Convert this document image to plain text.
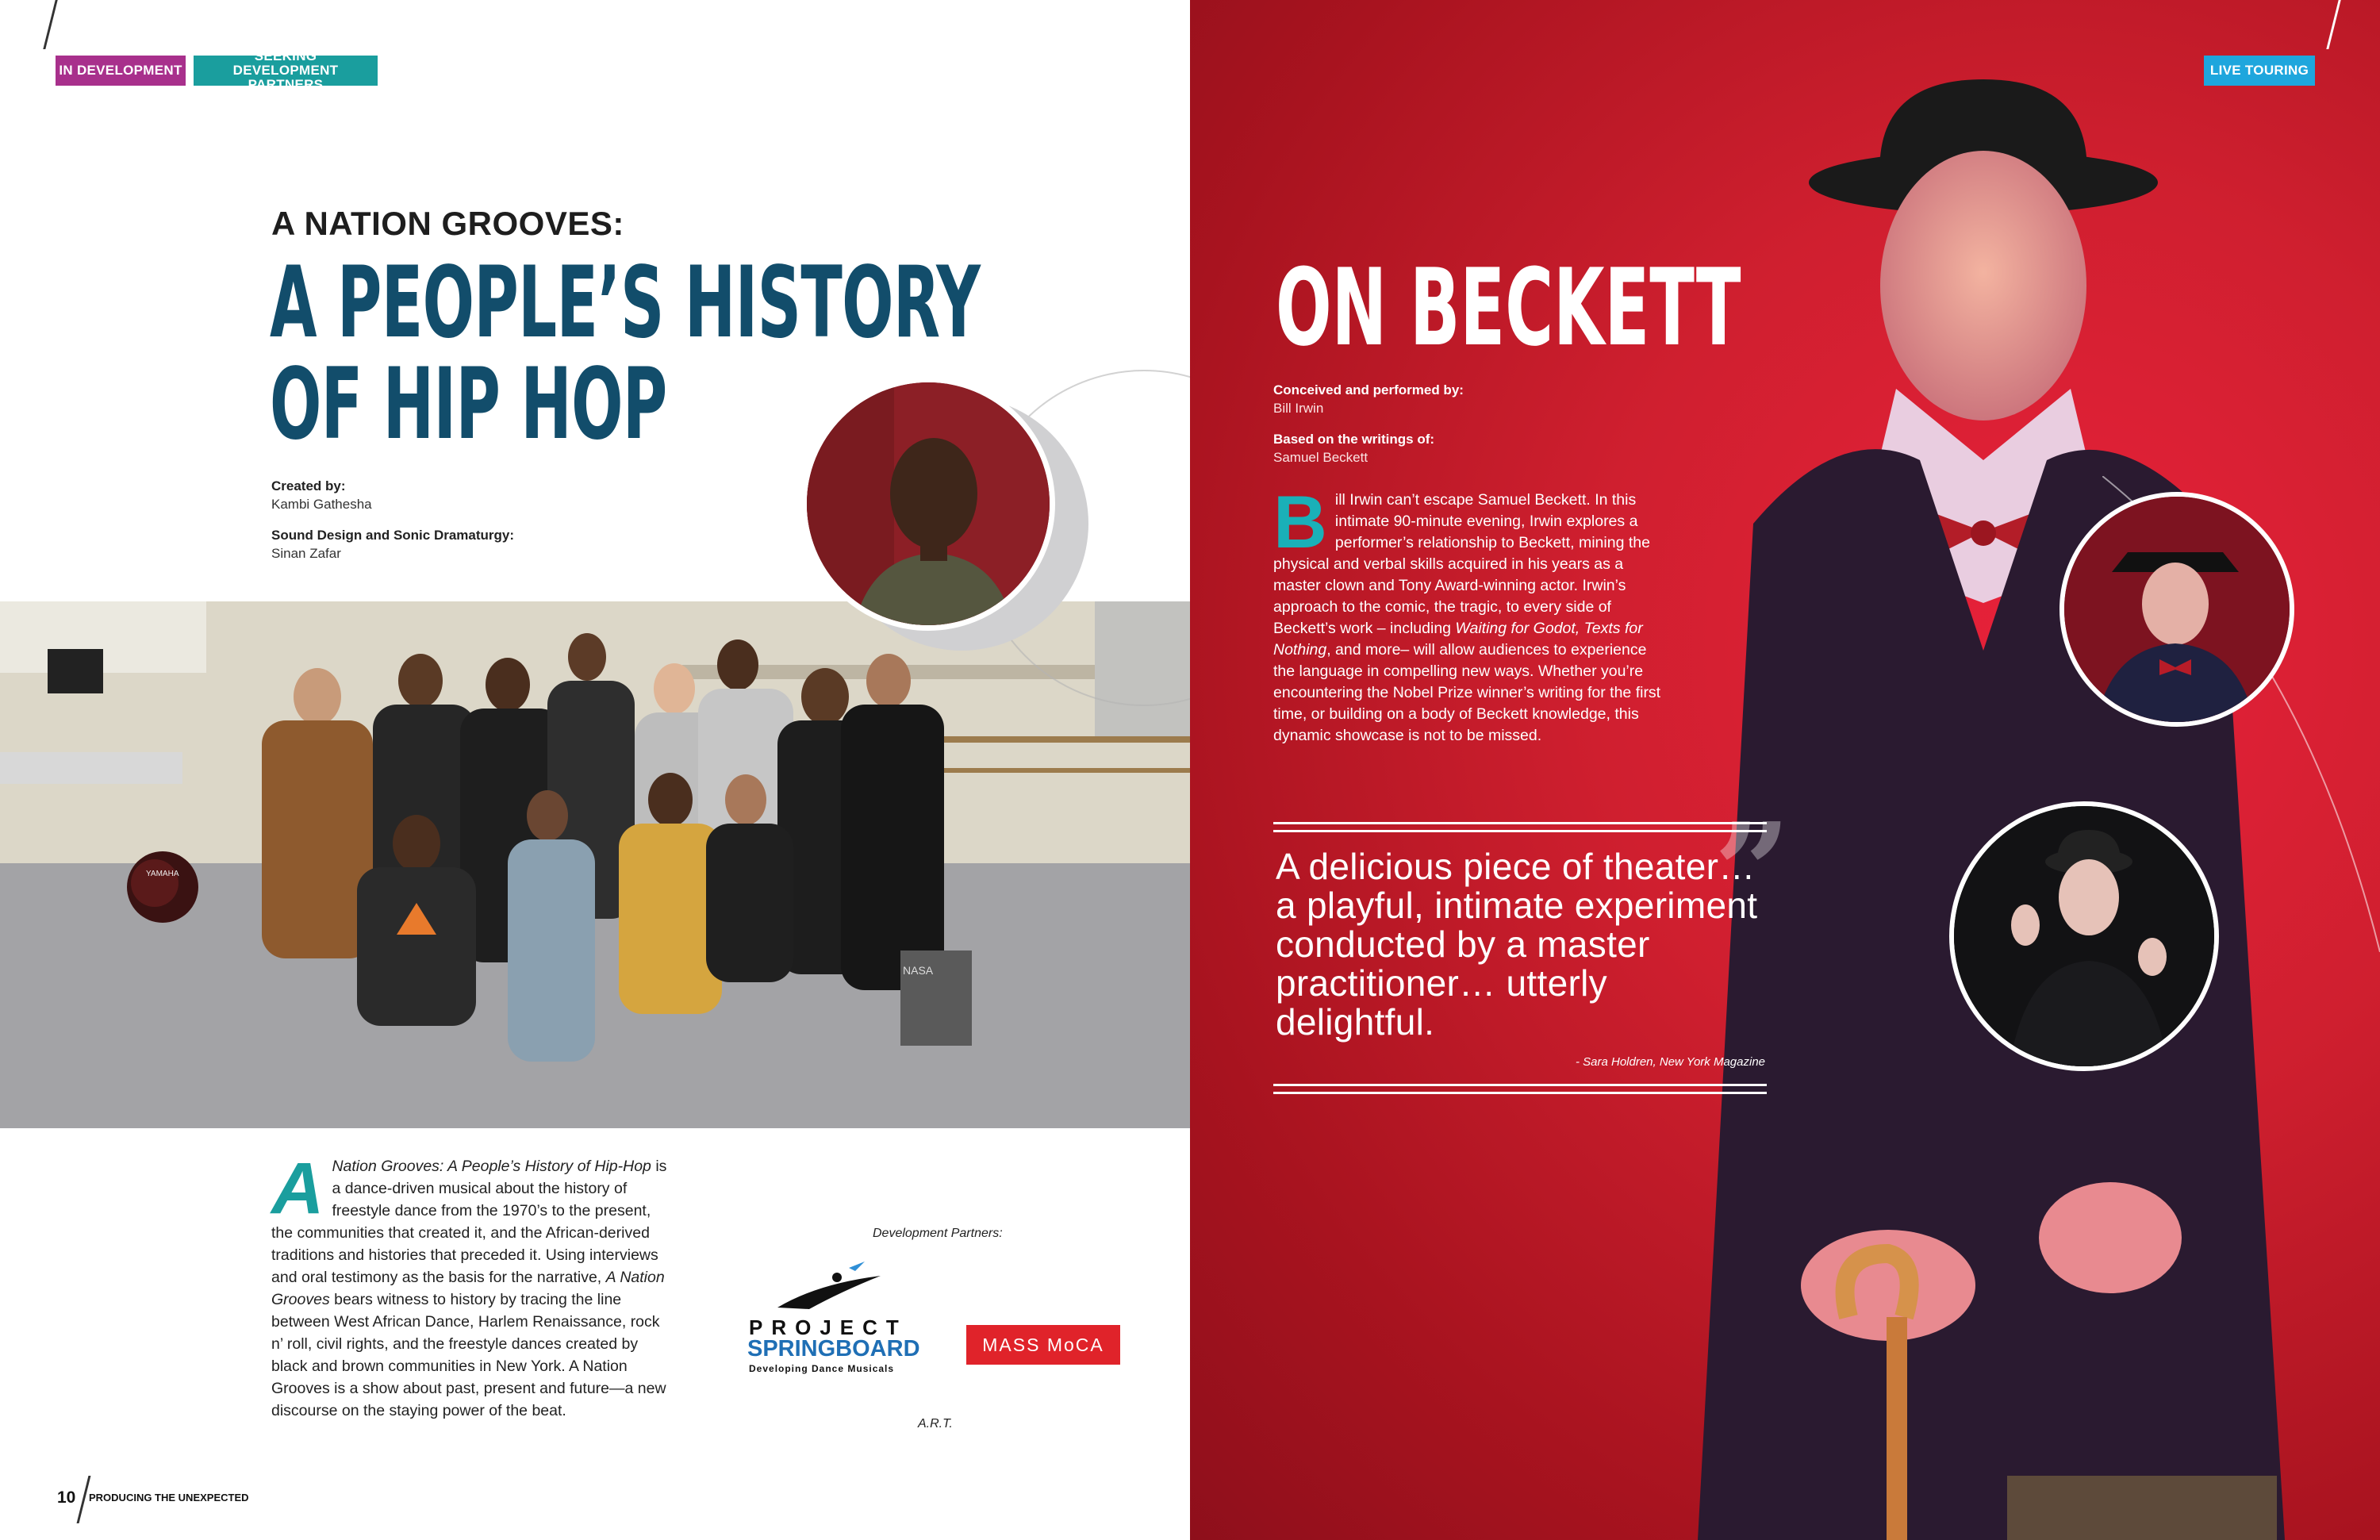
IN DEVELOPMENT
SEEKING
DEVELOPMENT PARTNERS
A NATION GROOVES:
A PEOPLE’S HISTORY
OF HIP HOP
Created by:
Kambi Gathesha
Sound Design and Sonic Dramaturgy:
Sinan Zafar
YAMAHA
NASA
A Nation Grooves: A People’s History of Hip-Hop is a dance-driven musical about the history of freestyle dance from the 1970’s to the present, the communities that created it, and the African-derived traditions and histories that preceded it. Using interviews and oral testimony as the basis for the narrative, A Nation Grooves bears witness to history by tracing the line between West African Dance, Harlem Renaissance, rock n’ roll, civil rights, and the freestyle dances created by black and brown communities in New York. A Nation Grooves is a show about past, present and future—a new discourse on the staying power of the beat.
Development Partners:
PROJECT
SPRINGBOARD
Developing Dance Musicals
MASS MoCA
A.R.T.
10 PRODUCING THE UNEXPECTED
LIVE TOURING
ON BECKETT
Conceived and performed by:
Bill Irwin
Based on the writings of:
Samuel Beckett
Bill Irwin can’t escape Samuel Beckett. In this intimate 90-minute evening, Irwin explores a performer’s relationship to Beckett, mining the physical and verbal skills acquired in his years as a master clown and Tony Award-winning actor. Irwin’s approach to the comic, the tragic, to every side of Beckett’s work – including Waiting for Godot, Texts for Nothing, and more– will allow audiences to experience the language in compelling new ways. Whether you’re encountering the Nobel Prize winner’s writing for the first time, or building on a body of Beckett knowledge, this dynamic showcase is not to be missed.
”
A delicious piece of theater… a playful, intimate experiment conducted by a master practitioner… utterly delightful.
- Sara Holdren, New York Magazine
